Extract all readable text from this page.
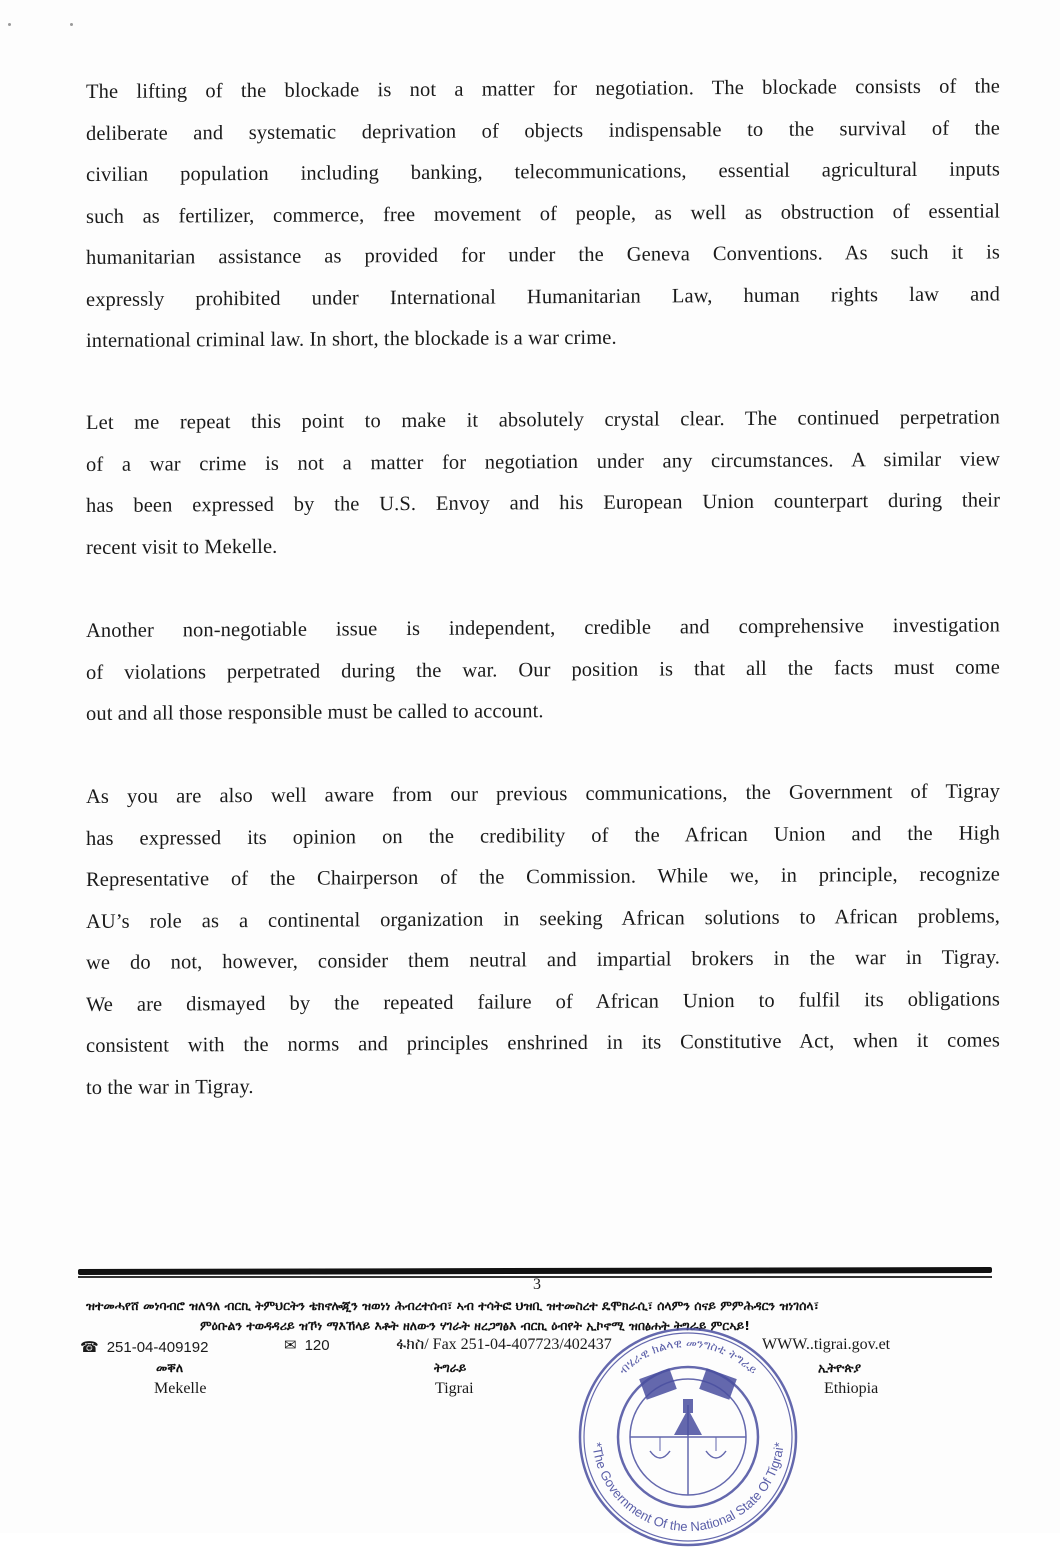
The lifting of the blockade is not a matter for negotiation. The blockade consists of the
deliberate and systematic deprivation of objects indispensable to the survival of the
civilian population including banking, telecommunications, essential agricultural inputs
such as fertilizer, commerce, free movement of people, as well as obstruction of essential
humanitarian assistance as provided for under the Geneva Conventions. As such it is
expressly prohibited under International Humanitarian Law, human rights law and
international criminal law. In short, the blockade is a war crime.
Let me repeat this point to make it absolutely crystal clear. The continued perpetration
of a war crime is not a matter for negotiation under any circumstances. A similar view
has been expressed by the U.S. Envoy and his European Union counterpart during their
recent visit to Mekelle.
Another non-negotiable issue is independent, credible and comprehensive investigation
of violations perpetrated during the war. Our position is that all the facts must come
out and all those responsible must be called to account.
As you are also well aware from our previous communications, the Government of Tigray
has expressed its opinion on the credibility of the African Union and the High
Representative of the Chairperson of the Commission. While we, in principle, recognize
AU’s role as a continental organization in seeking African solutions to African problems,
we do not, however, consider them neutral and impartial brokers in the war in Tigray.
We are dismayed by the repeated failure of African Union to fulfil its obligations
consistent with the norms and principles enshrined in its Constitutive Act, when it comes
to the war in Tigray.
3
ዝተመሓየሸ መነባብሮ ዝለዓለ ብርኪ ትምህርትን ቴክኖሎጂን ዝወነነ ሕብረተሰብ፣ ኣብ ተሳትፎ ህዝቢ ዝተመስረተ ዴሞክራሲ፣ ሰላምን ሰናይ ምምሕዳርን ዝነገሰላ፣
ምዕቡልን ተወዳዳሪይ ዝኾነ ማእኸላይ እቶት ዘለውን ሃገራት ዘረጋግፅእ ብርኪ ዕብየት ኢኮኖሚ ዝበፅሐት ትግራይ ምርኣይ!
☎ 251-04-409192	✉ 120	ፋክስ/ Fax 251-04-407723/402437	WWW..tigrai.gov.et
መቐለ
Mekelle
ትግራይ
Tigrai
ኢትዮጵያ
Ethiopia
*The Government Of the National State Of Tigrai*
ብሄራዊ ክልላዊ መንግስቲ ትግራይ
